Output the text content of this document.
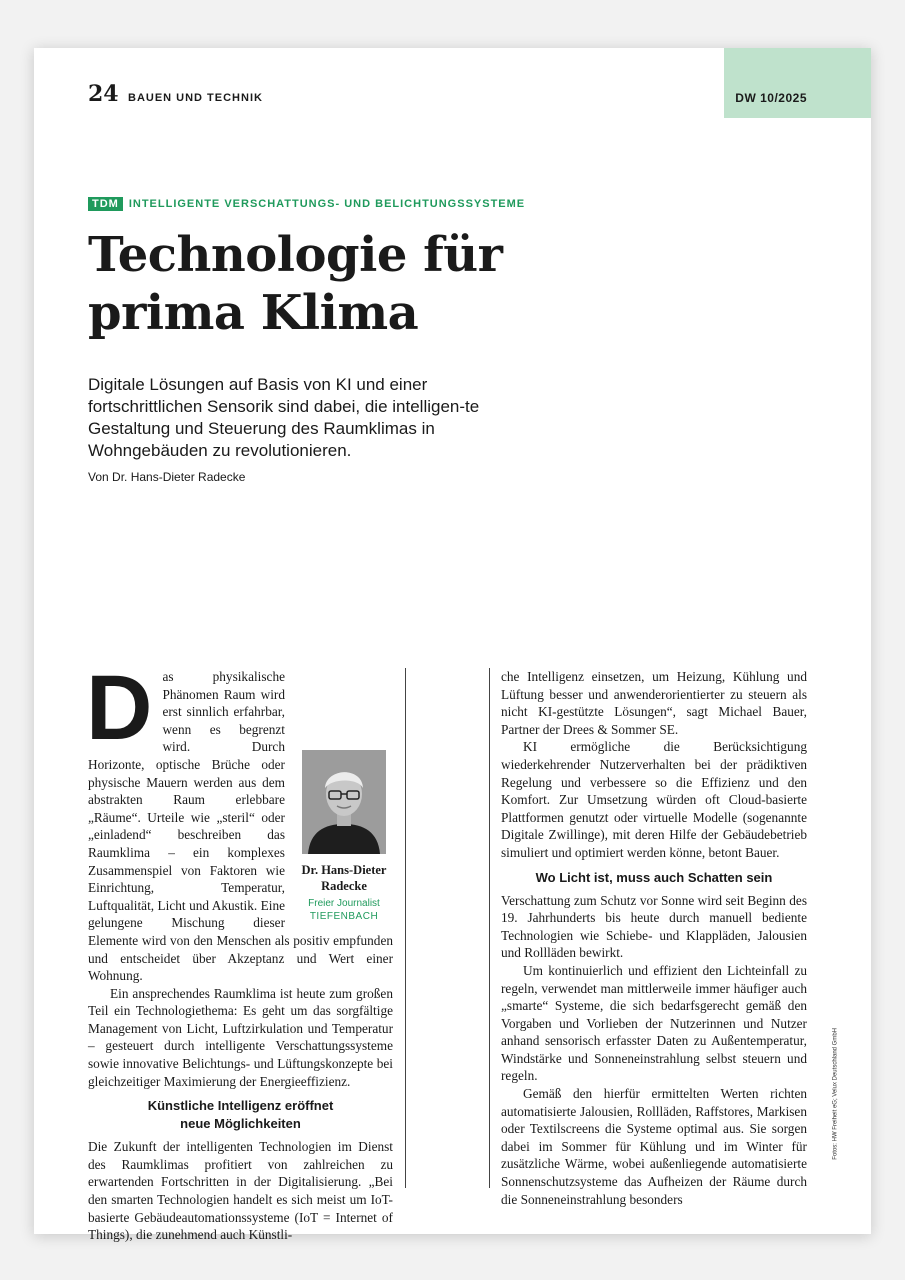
DW 10/2025
24 BAUEN UND TECHNIK
TDM INTELLIGENTE VERSCHATTUNGS- UND BELICHTUNGSSYSTEME
Technologie für
prima Klima
Digitale Lösungen auf Basis von KI und einer fortschrittlichen Sensorik sind dabei, die intelligen-te Gestaltung und Steuerung des Raumklimas in Wohngebäuden zu revolutionieren.
Von Dr. Hans-Dieter Radecke
D
Dr. Hans-Dieter
Radecke
Freier Journalist
TIEFENBACH

as physikalische Phänomen Raum wird erst sinnlich erfahrbar, wenn es begrenzt wird. Durch Horizonte, optische Brüche oder physische Mauern werden aus dem abstrakten Raum erlebbare „Räume“. Urteile wie „steril“ oder „einladend“ beschreiben das Raumklima – ein komplexes Zusammenspiel von Faktoren wie Einrichtung, Temperatur, Luftqualität, Licht und Akustik. Eine gelungene Mischung dieser Elemente wird von den Menschen als positiv empfunden und entscheidet über Akzeptanz und Wert einer Wohnung.

Ein ansprechendes Raumklima ist heute zum großen Teil ein Technologiethema: Es geht um das sorgfältige Management von Licht, Luftzirkulation und Temperatur – gesteuert durch intelligente Verschattungssysteme sowie innovative Belichtungs- und Lüftungskonzepte bei gleichzeitiger Maximierung der Energieeffizienz.

Künstliche Intelligenz eröffnet
neue Möglichkeiten

Die Zukunft der intelligenten Technologien im Dienst des Raumklimas profitiert von zahlreichen zu erwartenden Fortschritten in der Digitalisierung. „Bei den smarten Technologien handelt es sich meist um IoT-basierte Gebäudeautomationssysteme (IoT = Internet of Things), die zunehmend auch Künstli-

che Intelligenz einsetzen, um Heizung, Kühlung und Lüftung besser und anwenderorientierter zu steuern als nicht KI-gestützte Lösungen“, sagt Michael Bauer, Partner der Drees & Sommer SE.

KI ermögliche die Berücksichtigung wiederkehrender Nutzerverhalten bei der prädiktiven Regelung und verbessere so die Effizienz und den Komfort. Zur Umsetzung würden oft Cloud-basierte Plattformen genutzt oder virtuelle Modelle (sogenannte Digitale Zwillinge), mit deren Hilfe der Gebäudebetrieb simuliert und optimiert werden könne, betont Bauer.

Wo Licht ist, muss auch Schatten sein

Verschattung zum Schutz vor Sonne wird seit Beginn des 19. Jahrhunderts bis heute durch manuell bediente Technologien wie Schiebe- und Klappläden, Jalousien und Rollläden bewirkt.

Um kontinuierlich und effizient den Lichteinfall zu regeln, verwendet man mittlerweile immer häufiger auch „smarte“ Systeme, die sich bedarfsgerecht gemäß den Vorgaben und Vorlieben der Nutzerinnen und Nutzer anhand sensorisch erfasster Daten zu Außentemperatur, Windstärke und Sonneneinstrahlung selbst steuern und regeln.

Gemäß den hierfür ermittelten Werten richten automatisierte Jalousien, Rollläden, Raffstores, Markisen oder Textilscreens die Systeme optimal aus. Sie sorgen dabei im Sommer für Kühlung und im Winter für zusätzliche Wärme, wobei außenliegende automatisierte Sonnenschutzsysteme das Aufheizen der Räume durch die Sonneneinstrahlung besonders

Fotos: HW Freiheit eG; Velux Deutschland GmbH
